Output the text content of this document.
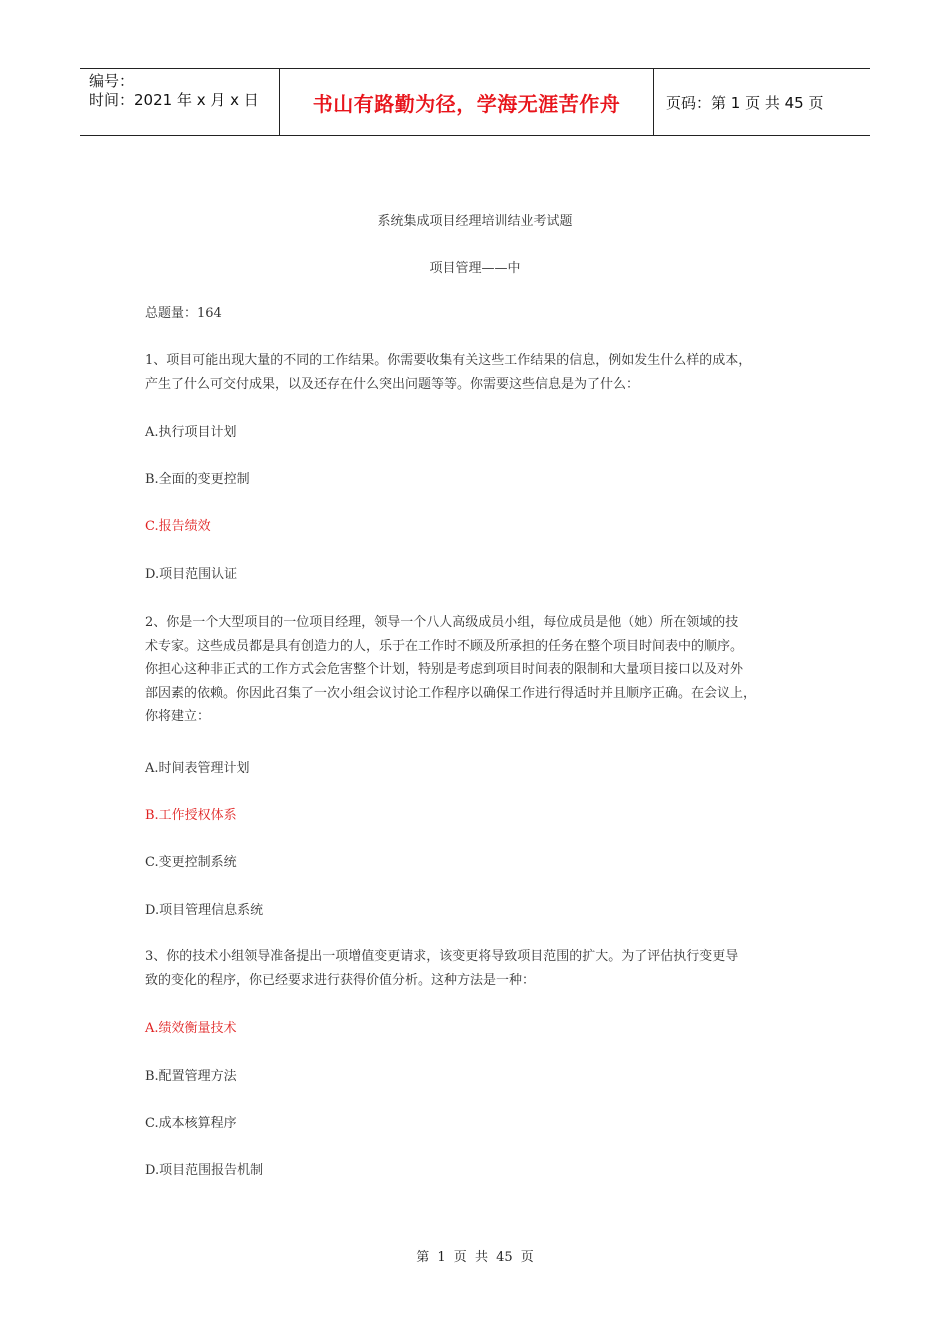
编号：
时间：2021 年 x 月 x 日	书山有路勤为径，学海无涯苦作舟	页码：第 1 页 共 45 页
系统集成项目经理培训结业考试题
项目管理——中
总题量：164
1、项目可能出现大量的不同的工作结果。你需要收集有关这些工作结果的信息，例如发生什么样的成本，
产生了什么可交付成果，以及还存在什么突出问题等等。你需要这些信息是为了什么：
A.执行项目计划
B.全面的变更控制
C.报告绩效
D.项目范围认证
2、你是一个大型项目的一位项目经理，领导一个八人高级成员小组，每位成员是他（她）所在领域的技
术专家。这些成员都是具有创造力的人，乐于在工作时不顾及所承担的任务在整个项目时间表中的顺序。
你担心这种非正式的工作方式会危害整个计划，特别是考虑到项目时间表的限制和大量项目接口以及对外
部因素的依赖。你因此召集了一次小组会议讨论工作程序以确保工作进行得适时并且顺序正确。在会议上，
你将建立：
A.时间表管理计划
B.工作授权体系
C.变更控制系统
D.项目管理信息系统
3、你的技术小组领导准备提出一项增值变更请求，该变更将导致项目范围的扩大。为了评估执行变更导
致的变化的程序，你已经要求进行获得价值分析。这种方法是一种：
A.绩效衡量技术
B.配置管理方法
C.成本核算程序
D.项目范围报告机制
第 1 页 共 45 页
